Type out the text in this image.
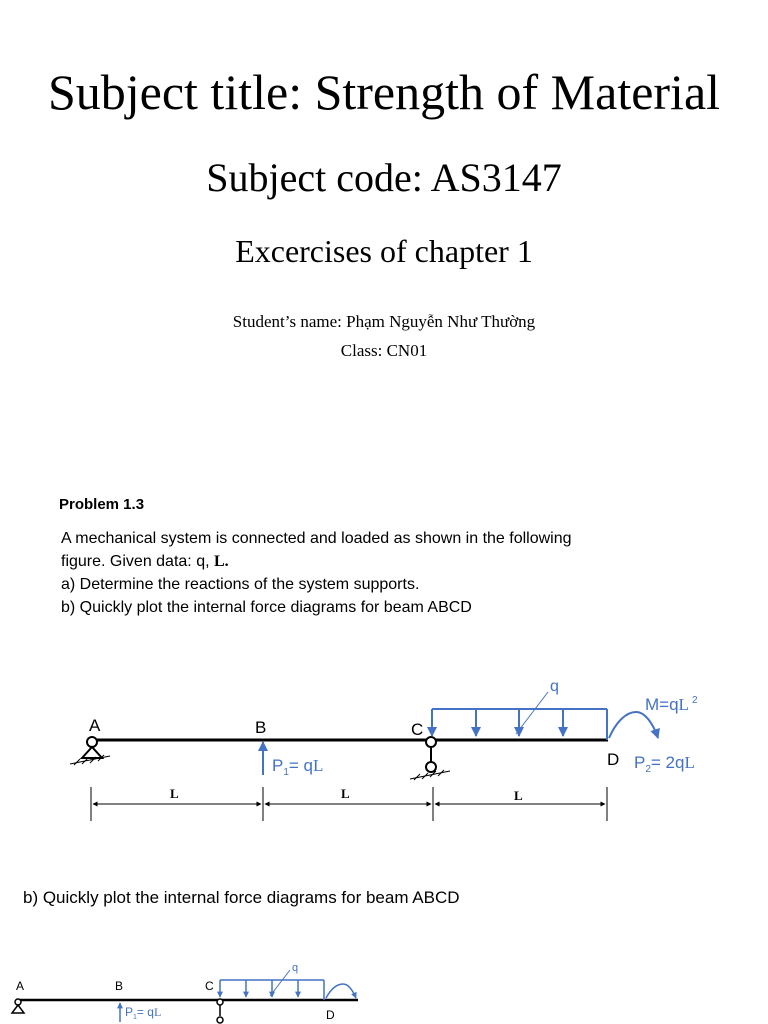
Subject title: Strength of Material
Subject code: AS3147
Excercises of chapter 1
Student’s name: Phạm Nguyễn Như Thường
Class: CN01
Problem 1.3
A mechanical system is connected and loaded as shown in the following
figure. Given data: q, L.
a) Determine the reactions of the system supports.
b) Quickly plot the internal force diagrams for beam ABCD
A	B	C
D
$P_1=$ qL
q
M=qL $^2$
$P_2= 2qL$
L	L	L
b) Quickly plot the internal force diagrams for beam ABCD
A	B	C
D
$P_1=$ qL
q
